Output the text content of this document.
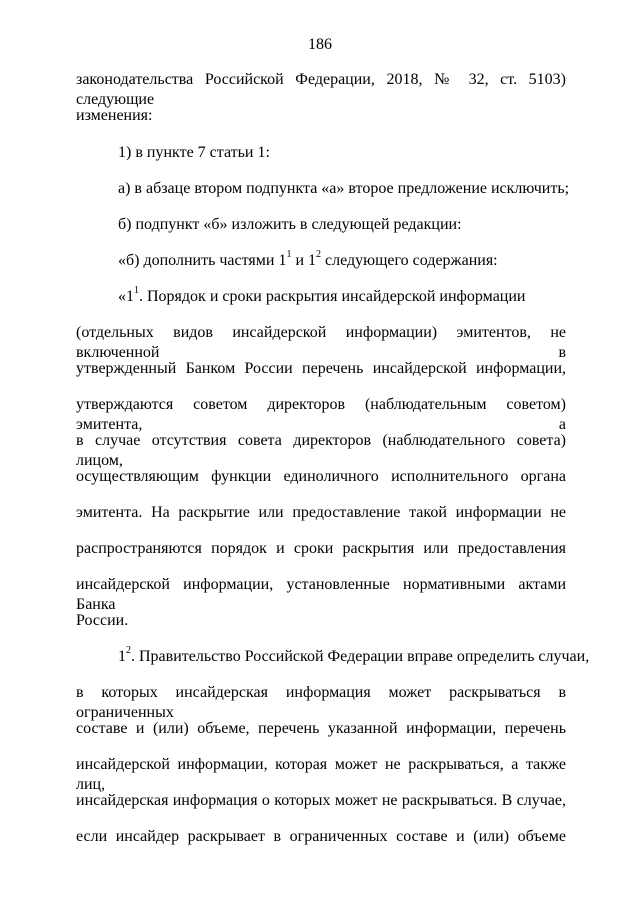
186
законодательства Российской Федерации, 2018, № 32, ст. 5103) следующие
изменения:
1) в пункте 7 статьи 1:
а) в абзаце втором подпункта «а» второе предложение исключить;
б) подпункт «б» изложить в следующей редакции:
«б) дополнить частями $1^1$ и $1^2$ следующего содержания:
«$1^1$. Порядок и сроки раскрытия инсайдерской информации
(отдельных видов инсайдерской информации) эмитентов, не включенной в
утвержденный Банком России перечень инсайдерской информации,
утверждаются советом директоров (наблюдательным советом) эмитента, а
в случае отсутствия совета директоров (наблюдательного совета) лицом,
осуществляющим функции единоличного исполнительного органа
эмитента. На раскрытие или предоставление такой информации не
распространяются порядок и сроки раскрытия или предоставления
инсайдерской информации, установленные нормативными актами Банка
России.
$1^2$. Правительство Российской Федерации вправе определить случаи,
в которых инсайдерская информация может раскрываться в ограниченных
составе и (или) объеме, перечень указанной информации, перечень
инсайдерской информации, которая может не раскрываться, а также лиц,
инсайдерская информация о которых может не раскрываться. В случае,
если инсайдер раскрывает в ограниченных составе и (или) объеме
